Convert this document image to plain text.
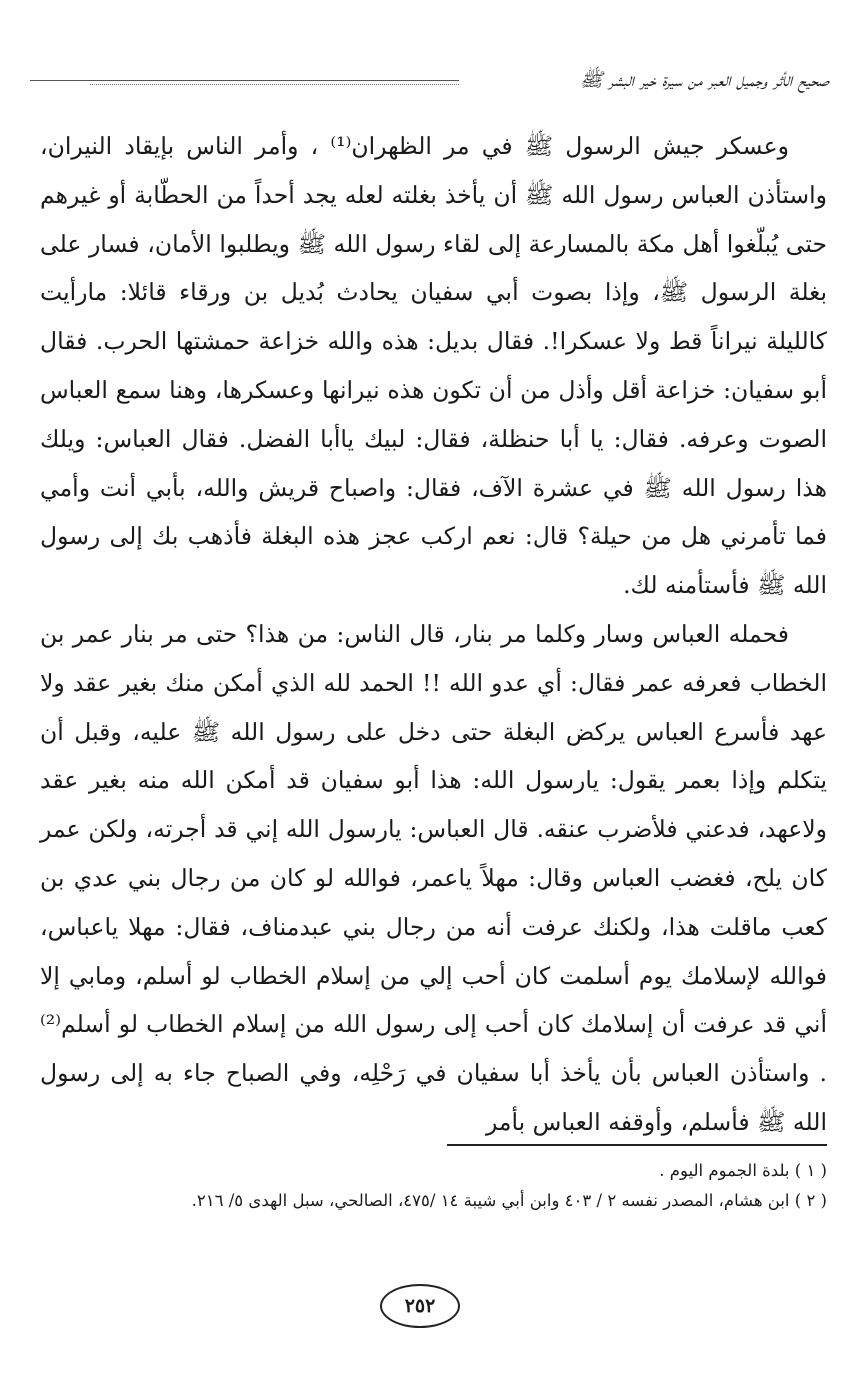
صحيح الأثر وجميل العبر من سيرة خير البشر ﷺ

وعسكر جيش الرسول ﷺ في مر الظهران⁽¹⁾ ، وأمر الناس بإيقاد النيران، واستأذن العباس رسول الله ﷺ أن يأخذ بغلته لعله يجد أحداً من الحطّابة أو غيرهم حتى يُبلّغوا أهل مكة بالمسارعة إلى لقاء رسول الله ﷺ ويطلبوا الأمان، فسار على بغلة الرسول ﷺ، وإذا بصوت أبي سفيان يحادث بُديل بن ورقاء قائلا: مارأيت كالليلة نيراناً قط ولا عسكرا!. فقال بديل: هذه والله خزاعة حمشتها الحرب. فقال أبو سفيان: خزاعة أقل وأذل من أن تكون هذه نيرانها وعسكرها، وهنا سمع العباس الصوت وعرفه. فقال: يا أبا حنظلة، فقال: لبيك ياأبا الفضل. فقال العباس: ويلك هذا رسول الله ﷺ في عشرة الآف، فقال: واصباح قريش والله، بأبي أنت وأمي فما تأمرني هل من حيلة؟ قال: نعم اركب عجز هذه البغلة فأذهب بك إلى رسول الله ﷺ فأستأمنه لك.

فحمله العباس وسار وكلما مر بنار، قال الناس: من هذا؟ حتى مر بنار عمر بن الخطاب فعرفه عمر فقال: أي عدو الله !! الحمد لله الذي أمكن منك بغير عقد ولا عهد فأسرع العباس يركض البغلة حتى دخل على رسول الله ﷺ عليه، وقبل أن يتكلم وإذا بعمر يقول: يارسول الله: هذا أبو سفيان قد أمكن الله منه بغير عقد ولاعهد، فدعني فلأضرب عنقه. قال العباس: يارسول الله إني قد أجرته، ولكن عمر كان يلح، فغضب العباس وقال: مهلاً ياعمر، فوالله لو كان من رجال بني عدي بن كعب ماقلت هذا، ولكنك عرفت أنه من رجال بني عبدمناف، فقال: مهلا ياعباس، فوالله لإسلامك يوم أسلمت كان أحب إلي من إسلام الخطاب لو أسلم، ومابي إلا أني قد عرفت أن إسلامك كان أحب إلى رسول الله من إسلام الخطاب لو أسلم⁽²⁾ . واستأذن العباس بأن يأخذ أبا سفيان في رَحْلِه، وفي الصباح جاء به إلى رسول الله ﷺ فأسلم، وأوقفه العباس بأمر

( ١ ) بلدة الجموم اليوم .
( ٢ ) ابن هشام، المصدر نفسه ٢ / ٤٠٣ وابن أبي شيبة ١٤ /٤٧٥، الصالحي، سبل الهدى ٥/ ٢١٦.
٢٥٢
